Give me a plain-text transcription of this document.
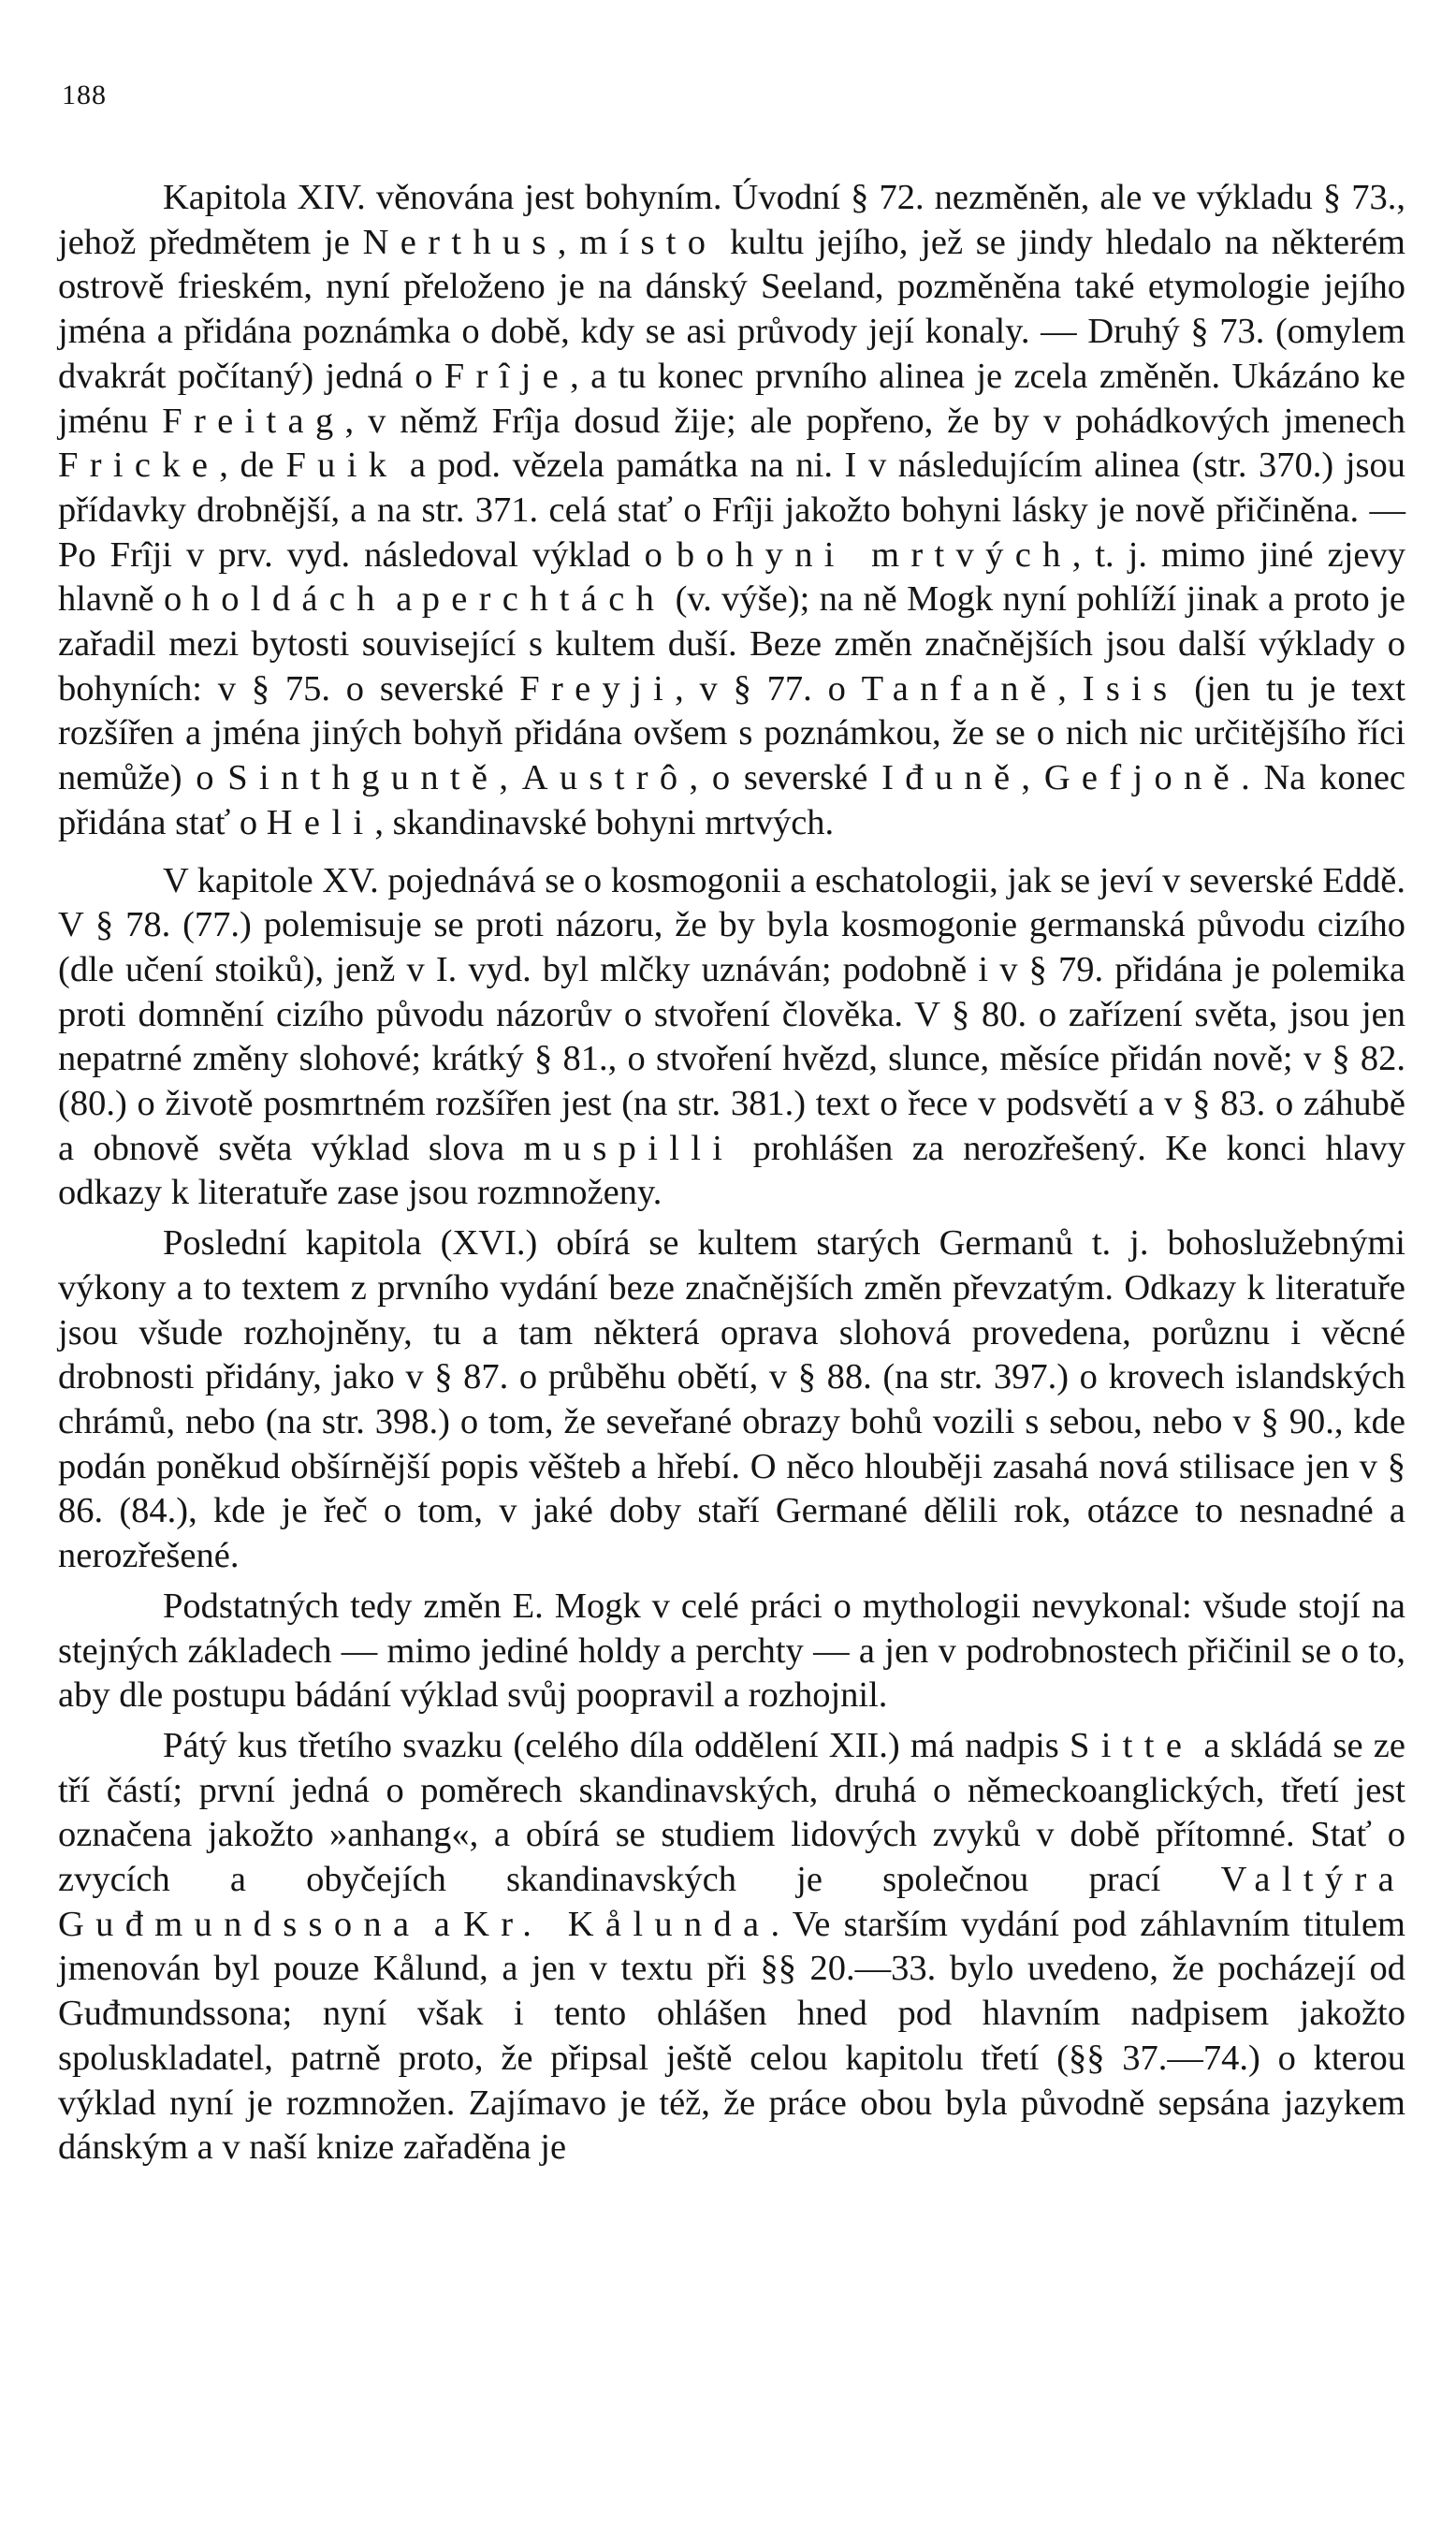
188

Kapitola XIV. věnována jest bohyním. Úvodní § 72. nezměněn, ale ve výkladu § 73., jehož předmětem je Nerthus, místo kultu jejího, jež se jindy hledalo na některém ostrově frieském, nyní přeloženo je na dánský Seeland, pozměněna také etymologie jejího jména a přidána poznámka o době, kdy se asi průvody její konaly. — Druhý § 73. (omylem dvakrát počítaný) jedná o Frîje, a tu konec prvního alinea je zcela změněn. Ukázáno ke jménu Freitag, v němž Frîja dosud žije; ale popřeno, že by v pohádkových jmenech Fricke, de Fuik a pod. vězela památka na ni. I v následujícím alinea (str. 370.) jsou přídavky drobnější, a na str. 371. celá stať o Frîji jakožto bohyni lásky je nově přičiněna. — Po Frîji v prv. vyd. následoval výklad o bohyni mrtvých, t. j. mimo jiné zjevy hlavně o holdách a perchtách (v. výše); na ně Mogk nyní pohlíží jinak a proto je zařadil mezi bytosti související s kultem duší. Beze změn značnějších jsou další výklady o bohyních: v § 75. o severské Freyji, v § 77. o Tanfaně, Isis (jen tu je text rozšířen a jména jiných bohyň přidána ovšem s poznámkou, že se o nich nic určitějšího říci nemůže) o Sinthguntě, Austrô, o severské Iđuně, Gefjoně. Na konec přidána stať o Heli, skandinavské bohyni mrtvých.

V kapitole XV. pojednává se o kosmogonii a eschatologii, jak se jeví v severské Eddě. V § 78. (77.) polemisuje se proti názoru, že by byla kosmogonie germanská původu cizího (dle učení stoiků), jenž v I. vyd. byl mlčky uznáván; podobně i v § 79. přidána je polemika proti domnění cizího původu názorův o stvoření člověka. V § 80. o zařízení světa, jsou jen nepatrné změny slohové; krátký § 81., o stvoření hvězd, slunce, měsíce přidán nově; v § 82. (80.) o životě posmrtném rozšířen jest (na str. 381.) text o řece v podsvětí a v § 83. o záhubě a obnově světa výklad slova muspilli prohlášen za nerozřešený. Ke konci hlavy odkazy k literatuře zase jsou rozmnoženy.

Poslední kapitola (XVI.) obírá se kultem starých Germanů t. j. bohoslužebnými výkony a to textem z prvního vydání beze značnějších změn převzatým. Odkazy k literatuře jsou všude rozhojněny, tu a tam některá oprava slohová provedena, porůznu i věcné drobnosti přidány, jako v § 87. o průběhu obětí, v § 88. (na str. 397.) o krovech islandských chrámů, nebo (na str. 398.) o tom, že seveřané obrazy bohů vozili s sebou, nebo v § 90., kde podán poněkud obšírnější popis věšteb a hřebí. O něco hlouběji zasahá nová stilisace jen v § 86. (84.), kde je řeč o tom, v jaké doby staří Germané dělili rok, otázce to nesnadné a nerozřešené.

Podstatných tedy změn E. Mogk v celé práci o mythologii nevykonal: všude stojí na stejných základech — mimo jediné holdy a perchty — a jen v podrobnostech přičinil se o to, aby dle postupu bádání výklad svůj poopravil a rozhojnil.

Pátý kus třetího svazku (celého díla oddělení XII.) má nadpis Sitte a skládá se ze tří částí; první jedná o poměrech skandinavských, druhá o německoanglických, třetí jest označena jakožto »anhang«, a obírá se studiem lidových zvyků v době přítomné. Stať o zvycích a obyčejích skandinavských je společnou prací Valtýra Guđmundssona a Kr. Kålunda. Ve starším vydání pod záhlavním titulem jmenován byl pouze Kålund, a jen v textu při §§ 20.—33. bylo uvedeno, že pocházejí od Guđmundssona; nyní však i tento ohlášen hned pod hlavním nadpisem jakožto spoluskladatel, patrně proto, že připsal ještě celou kapitolu třetí (§§ 37.—74.) o kterou výklad nyní je rozmnožen. Zajímavo je též, že práce obou byla původně sepsána jazykem dánským a v naší knize zařaděna je
